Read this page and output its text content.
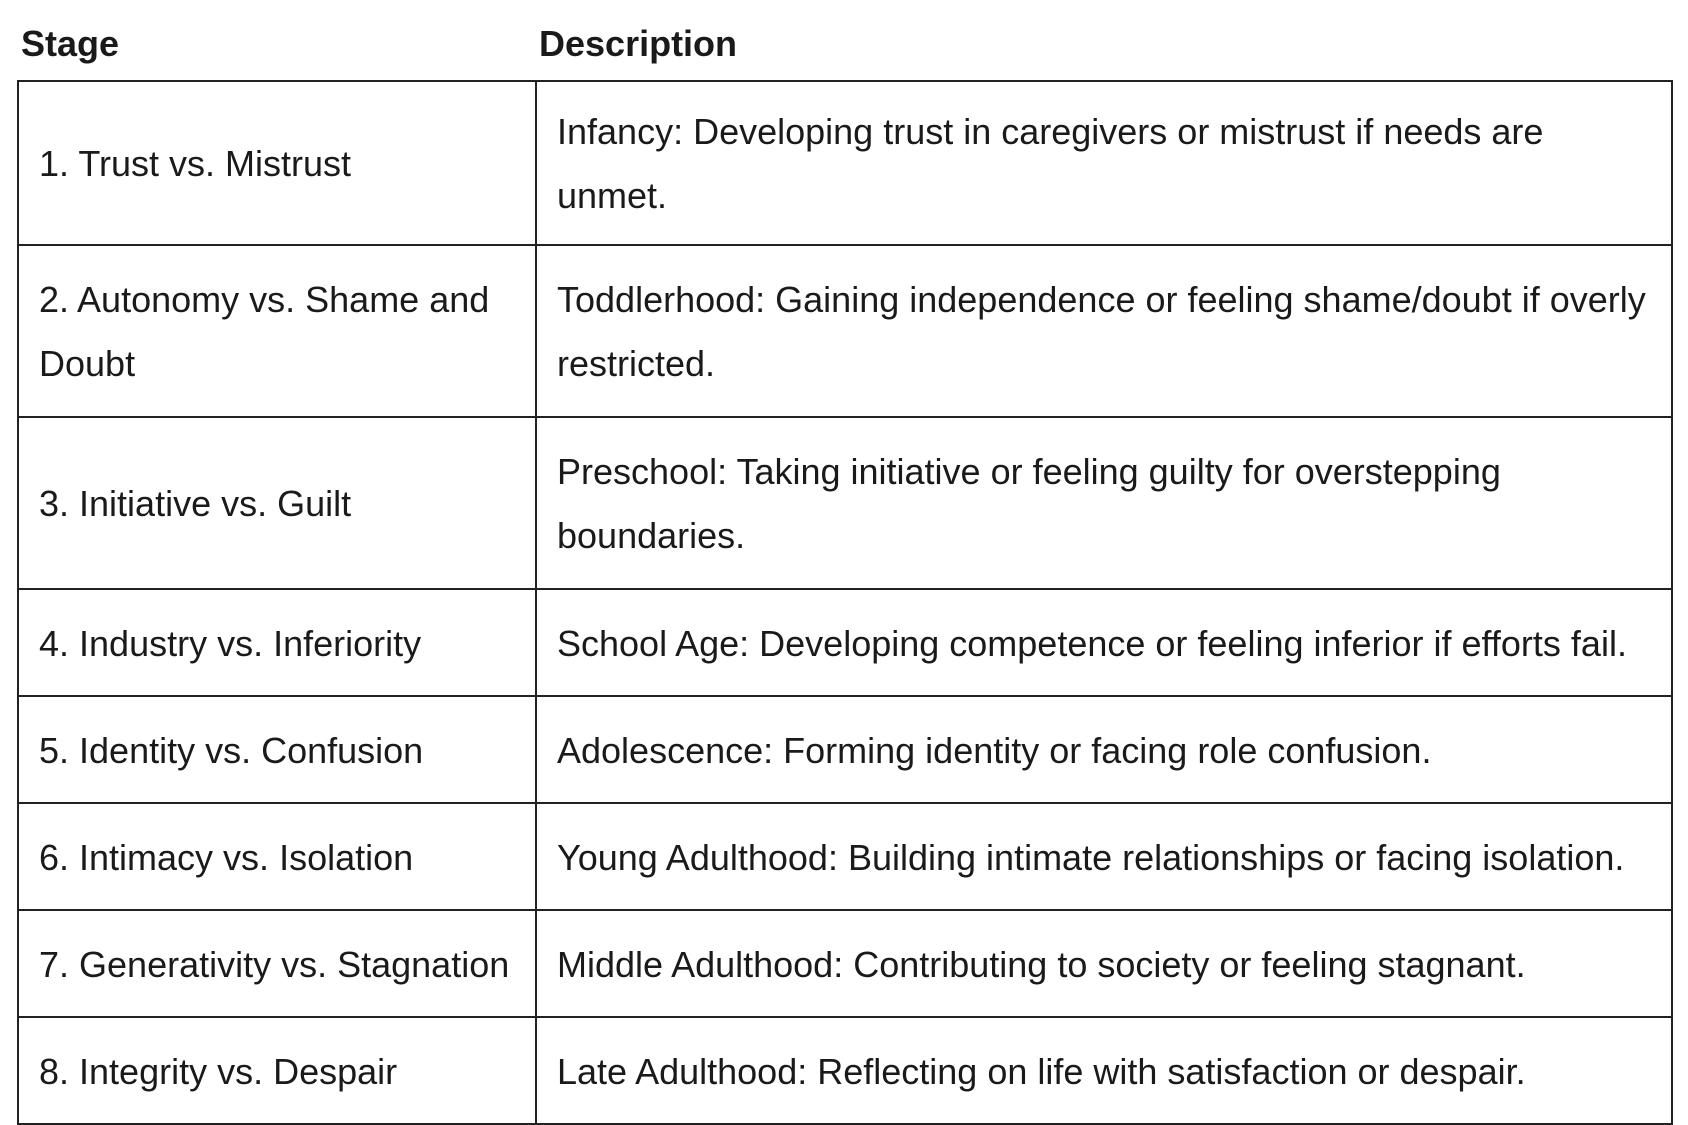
Stage	Description
1. Trust vs. Mistrust	Infancy: Developing trust in caregivers or mistrust if needs are unmet.
2. Autonomy vs. Shame and Doubt	Toddlerhood: Gaining independence or feeling shame/doubt if overly restricted.
3. Initiative vs. Guilt	Preschool: Taking initiative or feeling guilty for overstepping boundaries.
4. Industry vs. Inferiority	School Age: Developing competence or feeling inferior if efforts fail.
5. Identity vs. Confusion	Adolescence: Forming identity or facing role confusion.
6. Intimacy vs. Isolation	Young Adulthood: Building intimate relationships or facing isolation.
7. Generativity vs. Stagnation	Middle Adulthood: Contributing to society or feeling stagnant.
8. Integrity vs. Despair	Late Adulthood: Reflecting on life with satisfaction or despair.
